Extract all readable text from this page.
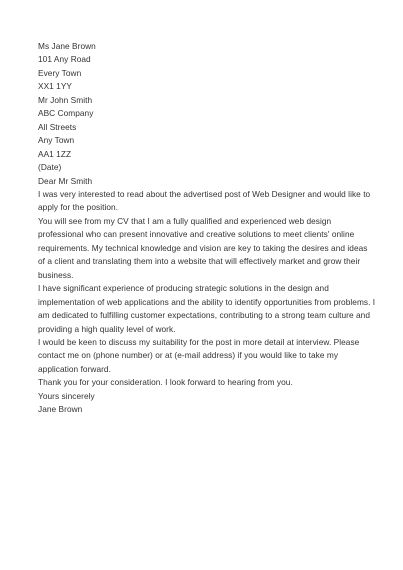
Ms Jane Brown
101 Any Road
Every Town
XX1 1YY
Mr John Smith
ABC Company
All Streets
Any Town
AA1 1ZZ
(Date)
Dear Mr Smith
I was very interested to read about the advertised post of Web Designer and would like to
apply for the position.
You will see from my CV that I am a fully qualified and experienced web design
professional who can present innovative and creative solutions to meet clients' online
requirements. My technical knowledge and vision are key to taking the desires and ideas
of a client and translating them into a website that will effectively market and grow their
business.
I have significant experience of producing strategic solutions in the design and
implementation of web applications and the ability to identify opportunities from problems. I
am dedicated to fulfilling customer expectations, contributing to a strong team culture and
providing a high quality level of work.
I would be keen to discuss my suitability for the post in more detail at interview. Please
contact me on (phone number) or at (e-mail address) if you would like to take my
application forward.
Thank you for your consideration. I look forward to hearing from you.
Yours sincerely
Jane Brown
